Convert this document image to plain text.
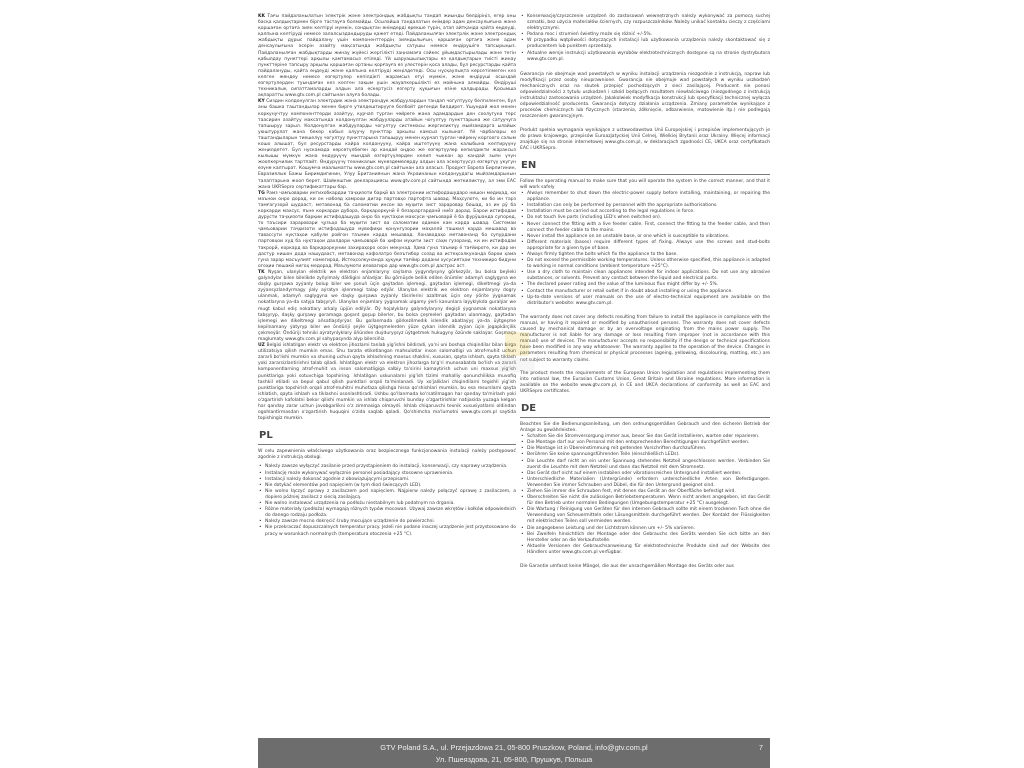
KK Тағы пайдаланылатын электрік және электрондық жабдықты тандап жиынды бөлдіріңіз, егер оны басқа қалдықтармен бірге тастауға болмайды. Осылайша тандалатын өнімдер адам денсаулығына және қоршаған ортаға зиян келтіруі мүмкін, сондықтан өнімдерді өрекше түрін, атап айтқанда қайта өңдеуді, қалпына келтіруді немесе залалсыздандыруды қажет етеді. Пайдаланылған электрлік және электрондық жабдықты дұрыс пайдалану үшін компоненттердің зияндылығын, қоршаған ортаға және адам денсаулығына әсерін азайту мақсатында жабдықты сатушы немесе өндірушіге тапсырыңыз. Пайдаланылған жабдықтарды жинау жүйесі жергілікті заңнамаға сәйкес ұйымдастырылады және тегін қабылдау пункттері арқылы қамтамасыз етіледі. Үй шаруашылықтары өз қалдықтарын тиісті жинау пункттеріне тапсыру арқылы қоршаған ортаны қорғауға өз үлестерін қоса алады, бұл ресурстарды қайта пайдалануды, қайта өңдеуді және қалпына келтіруді жеңілдетеді. Осы нұсқаулықта көрсетілмеген кез келген жөндеу немесе өзгертулер кепілдікті жарамсыз етуі мүмкін, және өндіруші осындай өзгертулерден туындаған кез келген зақым үшін жауапкершілікті өз мойнына алмайды. Өндіруші техникалық сипаттамаларды алдын ала ескертусіз өзгерту құқығын өзіне қалдырады. Қосымша ақпаратты www.gtv.com.pl сайтынан алуға болады.

KY Сиздин колдонулган электрдик жана электрондук жабдуулардын тандап чогултуусу белгиленген, бул аны башка таштандылар менен бирге утилдештирүүгө болбойт дегенди билдирет. Ушундай жол менен коркунучтуу компоненттерди азайтуу, курчап турган чөйрөгө жана адамдардын ден соолугуна терс таасирин азайтуу максатында колдонулган жабдууларды атайын чогултуу пункттарына же сатуучуга тапшыруу зарыл. Колдонулган жабдууларды чогултуу системасы жергиликтүү мыйзамдарга ылайык уюштурулат жана бекер кабыл алуучу пункттар аркылы камсыз кылынат. Үй чарбалары өз таштандыларын тиешелүү чогултуу пункттарына тапшыруу менен курчап турган чөйрөнү коргоого салым кошо алышат, бул ресурстарды кайра колдонууну, кайра иштетүүнү жана калыбына келтирүүнү жеңилдетет. Бул нускамада көрсөтүлбөгөн ар кандай оңдоо же өзгөртүүлөр кепилдикти жараксыз кылышы мүмкүн жана өндүрүүчү мындай өзгөртүүлөрдөн келип чыккан ар кандай зыян үчүн жоопкерчилик тартпайт. Өндүрүүчү техникалык мүнөздөмөлөрдү алдын ала эскертүүсүз өзгөртүү укугун өзүнө калтырат. Кошумча маалыматты www.gtv.com.pl сайтынан ала аласыз. Продукт Европа Бирлигинин, Евразиялык Бажы Биримдигинин, Улуу Британиянын жана Украинанын колдонуудагы мыйзамдарынын талаптарына жооп берет. Шайкештик декларациясы www.gtv.com.pl сайтында жеткиликтүү, ал эми EAC жана UKRSepro сертификаттары бар.

TG Рамз чамъоварии интихобкардаи таҷҳизоти барқӣ ва электронии истифодашударо нишон медиҳад, ки маънои онро дорад, ки он набояд ҳамроҳи дигар партовҳо партофта шавад. Маҳсулоте, ки бо ин тарз тамғагузорӣ шудааст, метавонад ба саломатии инсон ва муҳити зист зараровар бошад, аз ин рӯ ба коркарди махсус, яъне коркарди дубора, барқароркунӣ ё безараргардонӣ ниёз дорад. Барои истифодаи дурусти таҷҳизоти барқии истифодашуда онро ба нуқтаҳои махсуси ҷамъоварӣ ё ба фурӯшанда супоред, то таъсири зараровари ҷузъҳо ба муҳити зист ва саломатии одамон кам карда шавад. Системаи ҷамъоварии таҷҳизоти истифодашуда мувофиқи қонунгузории маҳаллӣ ташкил карда мешавад ва тавассути нуқтаҳои қабули ройгон таъмин карда мешавад. Хонаводаҳо метавонанд бо супурдани партовҳои худ ба нуқтаҳои дахлдори ҷамъоварӣ ба ҳифзи муҳити зист саҳм гузоранд, ки ин истифодаи такрорӣ, коркард ва барқароркунии захираҳоро осон мекунад. Ҳама гуна таъмир ё тағйироте, ки дар ин дастур нишон дода нашудааст, метавонад кафолатро беэътибор созад ва истеҳсолкунанда барои ҳама гуна зарар масъулият намегирад. Истеҳсолкунанда ҳуқуқи тағйир додани хусусиятҳои техникиро бидуни огоҳии пешакӣ нигоҳ медорад. Маълумоти иловагиро дар www.gtv.com.pl дастрас аст.

TK Nyşan, ulanylan elektrik we elektron enjamlaryny saýlama ýygyndysyny görkezýär, bu bolsa beýleki galyndylar bilen bilelikde zyňylmaly däldigini aňladýar. Bu görnüşde bellik edilen önümler adamyň saglygyna we daşky gurşawa zyýanly bolup biler we şonuň üçin gaýtadan işlemegi, gaýtadan işlemegi, dikeltmegi ýa-da zyýansyzlandyrmagy ýaly aýratyn işlenmegi talap edýär. Ulanylan elektrik we elektron enjamlaryny dogry ulanmak, adamyň saglygyna we daşky gurşawa zyýanly täsirlerini azaltmak üçin ony ýörite ýygnamak nokatlaryna ýa-da satyja tabşyryň. Ulanylan enjamlary ýygnamak ulgamy ýerli kanunlara laýyklykda guralýar we mugt kabul ediş nokatlary arkaly üpjün edilýär. Öý hojalyklary galyndylaryny degişli ýygnamak nokatlaryna tabşyryp, daşky gurşawy goramaga goşant goşup bilerler, bu bolsa çeşmeleri gaýtadan ulanmagy, gaýtadan işlemegi we dikeltmegi aňsatlaşdyrýar. Bu gollanmada görkezilmedik islendik abatlaýyş ýa-da üýtgeşme kepilnamany ýatyryp biler we öndüriji şeýle üýtgeşmelerden ýüze çykan islendik zyýan üçin jogapkärçilik çekmeýär. Öndüriji tehniki aýratynlyklary öňünden duýduryşsyz üýtgetmek hukugyny özünde saklaýar. Goşmaça maglumaty www.gtv.com.pl sahypasynda alyp bilersiňiz.

UZ Belgisi ishlatilgan elektr va elektron jihozlarni tanlab yig'ishni bildiradi, ya'ni uni boshqa chiqindilar bilan birga utilizatsiya qilish mumkin emas. Shu tarzda etiketlangan mahsulotlar inson salomatligi va atrof-muhit uchun zararli bo'lishi mumkin va shuning uchun qayta ishlashning maxsus shaklini, xususan, qayta ishlash, qayta tiklash yoki zararsizlantirishni talab qiladi. Ishlatilgan elektr va elektron jihozlarga to'g'ri munosabatda bo'lish va zararli komponentlarning atrof-muhit va inson salomatligiga salbiy ta'sirini kamaytirish uchun uni maxsus yig'ish punktlariga yoki sotuvchiga topshiring. Ishlatilgan uskunalarni yig'ish tizimi mahalliy qonunchilikka muvofiq tashkil etiladi va bepul qabul qilish punktlari orqali ta'minlanadi. Uy xo'jaliklari chiqindilarni tegishli yig'ish punktlariga topshirish orqali atrof-muhitni muhofaza qilishga hissa qo'shishlari mumkin, bu esa resurslarni qayta ishlatish, qayta ishlash va tiklashni osonlashtiradi. Ushbu qo'llanmada ko'rsatilmagan har qanday ta'mirlash yoki o'zgartirish kafolatni bekor qilishi mumkin va ishlab chiqaruvchi bunday o'zgartirishlar natijasida yuzaga kelgan har qanday zarar uchun javobgarlikni o'z zimmasiga olmaydi. Ishlab chiqaruvchi texnik xususiyatlarni oldindan ogohlantirmasdan o'zgartirish huquqini o'zida saqlab qoladi. Qo'shimcha ma'lumotni www.gtv.com.pl saytida topishingiz mumkin.

PL

W celu zapewnienia właściwego użytkowania oraz bezpiecznego funkcjonowania instalacji należy postępować zgodnie z instrukcją obsługi.

• Należy zawsze wyłączyć zasilanie przed przystąpieniem do instalacji, konserwacji, czy naprawy urządzenia.
• Instalację może wykonywać wyłącznie personel posiadający stosowne uprawnienia.
• Instalacji należy dokonać zgodnie z obowiązującymi przepisami.
• Nie dotykać elementów pod napięciem (w tym diod świecących LED).
• Nie wolno łączyć oprawy z zasilaczem pod napięciem. Najpierw należy połączyć oprawę z zasilaczem, a dopiero później zasilacz z siecią zasilającą.
• Nie wolno instalować urządzenia na podłożu niestabilnym lub podatnym na drgania.
• Różne materiały (podłoża) wymagają różnych typów mocowań. Używaj zawsze wkrętów i kołków odpowiednich do danego rodzaju podłoża.
• Należy zawsze mocno dokręcić śruby mocujące urządzenie do powierzchni.
• Nie przekraczać dopuszczalnych temperatur pracy. Jeżeli nie podano inaczej urządzenie jest przystosowane do pracy w warunkach normalnych (temperatura otoczenia +25 °C).
• Konserwację/czyszczenie urządzeń do zastosowań wewnętrznych należy wykonywać za pomocą suchej szmatki, bez użycia materiałów ściernych, czy rozpuszczalników. Należy unikać kontaktu cieczy z częściami elektrycznymi.
• Podana moc i strumień świetlny może się różnić +/-5%.
• W przypadku wątpliwości dotyczących instalacji lub użytkowania urządzenia należy skontaktować się z producentem lub punktem sprzedaży.
• Aktualne wersje instrukcji użytkowania wyrobów elektrotechnicznych dostępne są na stronie dystrybutora www.gtv.com.pl.

Gwarancja nie obejmuje wad powstałych w wyniku instalacji urządzenia niezgodnie z instrukcją, napraw lub modyfikacji przez osoby nieuprawnione. Gwarancja nie obejmuje wad powstałych w wyniku uszkodzeń mechanicznych oraz na skutek przepięć pochodzących z sieci zasilającej. Producent nie ponosi odpowiedzialności z tytułu uszkodzeń i szkód będących rezultatem niewłaściwego (niezgodnego z instrukcją instruktażu) zastosowania urządzeń. Jakakolwiek modyfikacja konstrukcji lub specyfikacji technicznej wyłącza odpowiedzialność producenta. Gwarancja dotyczy działania urządzenia. Zmiany parametrów wynikające z procesów chemicznych lub fizycznych (starzenia, żółknięcie, odbarwienie, matowienie itp.) nie podlegają roszczeniom gwarancyjnym.

Produkt spełnia wymagania wynikające z ustawodawstwa Unii Europejskiej i przepisów implementujących je do prawa krajowego, przepisów Euroazjatyckiej Unii Celnej, Wielkiej Brytanii oraz Ukrainy. Więcej informacji znajduje się na stronie internetowej www.gtv.com.pl, w deklaracjach zgodności CE, UKCA oraz certyfikatach EAC i UKRSepro.

EN

Follow the operating manual to make sure that you will operate the system in the correct manner, and that it will work safely

• Always remember to shut down the electric-power supply before installing, maintaining, or repairing the appliance.
• Installation can only be performed by personnel with the appropriate authorisations.
• Installation must be carried out according to the legal regulations in force.
• Do not touch live parts (including LED's when switched on).
• Never connect the fitting with a live feeder cable. First, connect the fitting to the feeder cable, and then connect the feeder cable to the mains.
• Never install the appliance on an unstable base, or one which is susceptible to vibrations.
• Different materials (bases) require different types of fixing. Always use the screws and stud-bolts appropriate for a given type of base.
• Always firmly tighten the bolts which fix the appliance to the base.
• Do not exceed the permissible working temperatures. Unless otherwise specified, this appliance is adapted to working in normal conditions (ambient temperature +25°C).
• Use a dry cloth to maintain clean appliances intended for indoor applications. Do not use any abrasive substances, or solvents. Prevent any contact between the liquid and electrical parts.
• The declared power rating and the value of the luminous flux might differ by +/- 5%.
• Contact the manufacturer or retail outlet if in doubt about installing or using the appliance.
• Up-to-date versions of user manuals on the use of electro-technical equipment are available on the distributor's website: www.gtv.com.pl.

The warranty does not cover any defects resulting from failure to install the appliance in compliance with the manual, or having it repaired or modified by unauthorised persons. The warranty does not cover defects caused by mechanical damage or by an overvoltage originating from the mains power supply. The manufacturer is not liable for any damage or loss resulting from improper (not in accordance with this manual) use of devices. The manufacturer accepts no responsibility if the design or technical specifications have been modified in any way whatsoever. The warranty applies to the operation of the device. Changes in parameters resulting from chemical or physical processes (ageing, yellowing, discolouring, matting, etc.) are not subject to warranty claims.

The product meets the requirements of the European Union legislation and regulations implementing them into national law, the Eurasian Customs Union, Great Britain and Ukraine regulations. More information is available on the website www.gtv.com.pl, in CE and UKCA declarations of conformity as well as EAC and UKRSepro certificates.

DE

Beachten Sie die Bedienungsanleitung, um den ordnungsgemäßen Gebrauch und den sicheren Betrieb der Anlage zu gewährleisten.

• Schalten Sie die Stromversorgung immer aus, bevor Sie das Gerät installieren, warten oder reparieren.
• Die Montage darf nur von Personal mit den entsprechenden Berechtigungen durchgeführt werden.
• Die Montage ist in Übereinstimmung mit geltenden Vorschriften durchzuführen.
• Berühren Sie keine spannungsführenden Teile (einschließlich LEDs).
• Die Leuchte darf nicht an ein unter Spannung stehendes Netzteil angeschlossen werden. Verbinden Sie zuerst die Leuchte mit dem Netzteil und dann das Netzteil mit dem Stromnetz.
• Das Gerät darf nicht auf einem instabilen oder vibrationsreichen Untergrund installiert werden.
• Unterschiedliche Materialien (Untergründe) erfordern unterschiedliche Arten von Befestigungen. Verwenden Sie immer Schrauben und Dübel, die für den Untergrund geeignet sind.
• Ziehen Sie immer die Schrauben fest, mit denen das Gerät an der Oberfläche befestigt wird.
• Überschreiten Sie nicht die zulässigen Betriebstemperaturen. Wenn nicht anders angegeben, ist das Gerät für den Betrieb unter normalen Bedingungen (Umgebungstemperatur +25 °C) ausgelegt.
• Die Wartung / Reinigung von Geräten für den internen Gebrauch sollte mit einem trockenen Tuch ohne die Verwendung von Scheuermitteln oder Lösungsmitteln durchgeführt werden. Der Kontakt der Flüssigkeiten mit elektrischen Teilen soll vermieden werden.
• Die angegebene Leistung und der Lichtstrom können um +/- 5% variieren.
• Bei Zweifeln hinsichtlich der Montage oder des Gebrauchs des Geräts wenden Sie sich bitte an den Hersteller oder an die Verkaufsstelle.
• Aktuelle Versionen der Gebrauchsanweisung für elektrotechnische Produkte sind auf der Website des Händlers unter www.gtv.com.pl verfügbar.

Die Garantie umfasst keine Mängel, die aus der unsachgemäßen Montage des Geräts oder aus

GTV Poland S.A., ul. Przejazdowa 21, 05-800 Pruszkow, Poland, info@gtv.com.pl
Ул. Пшеяздова, 21, 05-800, Прушкув, Польша
7
